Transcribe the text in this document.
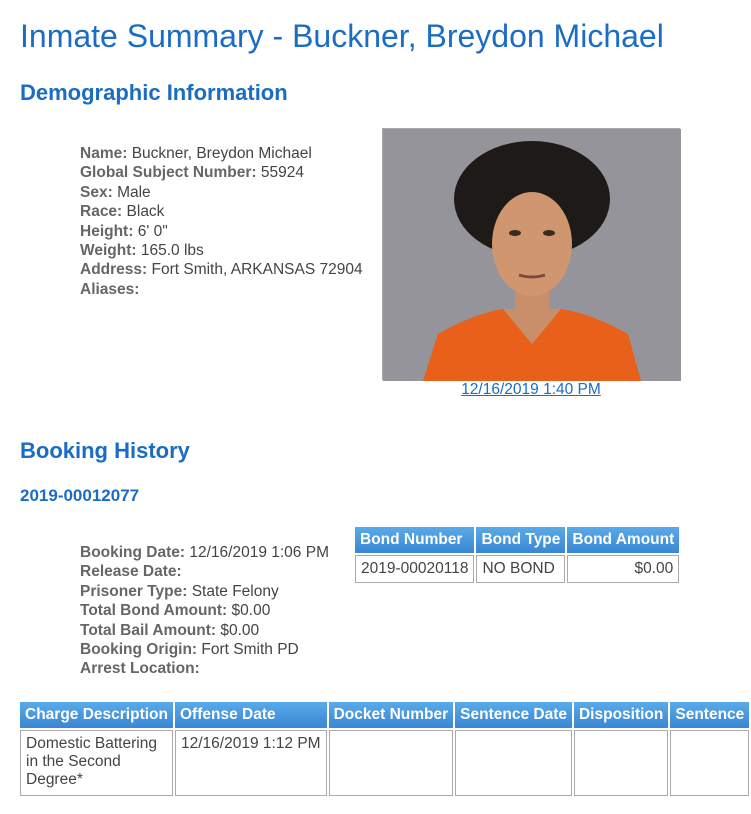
Inmate Summary - Buckner, Breydon Michael
Demographic Information
Name: Buckner, Breydon Michael
Global Subject Number: 55924
Sex: Male
Race: Black
Height: 6' 0"
Weight: 165.0 lbs
Address: Fort Smith, ARKANSAS 72904
Aliases:
12/16/2019 1:40 PM
Booking History
2019-00012077
Booking Date: 12/16/2019 1:06 PM
Release Date:
Prisoner Type: State Felony
Total Bond Amount: $0.00
Total Bail Amount: $0.00
Booking Origin: Fort Smith PD
Arrest Location:
Bond Number	Bond Type	Bond Amount
2019-00020118	NO BOND	$0.00
Charge Description	Offense Date	Docket Number	Sentence Date	Disposition	Sentence
Domestic Battering in the Second Degree*	12/16/2019 1:12 PM				
